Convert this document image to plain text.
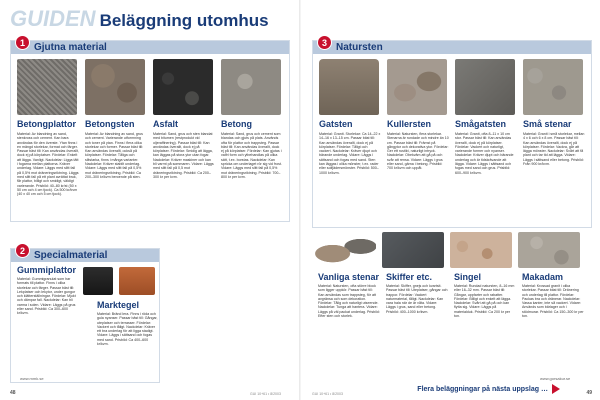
GUIDEN Beläggning utomhus
1 Gjutna material
Betongplattor Betongsten Asfalt	Betong
Material: Av blandning av sand, stenkross och cement. Kan bara användas för den överste. Ytan finns i en mängd storlekar, format och färger. Passar bäst till: Kan användas överallt, dock ej på körplatser. Fördelar: Enkelt att lägga. Vanligt. Nackdelar: Ligga tätt i fogarna mellan plattorna. Kräver underlag. Vidare: Läggs med slitt fall på 0,5% mot dräneringsriktning. Läggs med slitt fall på ett plant avrättat bruk, får plattor, billigt och smidigt, väldigt varierande. Prisbild: 40–80 kr/st (50 x 50 cm och 4 cm tjock). Ca 500 kr/kvm (40 x 40 cm och 5 cm tjock).
Material: Av blandning av sand, grus och cement. Varierande utformning och toner på ytan. Finns i flera olika storlekar och former. Passar bäst till: Kan användas överallt, också på körplatser. Fördelar: Tåliga och slitstarka, finns i många varianter. Nackdelar: Kräver stabilt underlag. Vidare: Läggs med slitt fall på 0,5% mot dräneringsriktning. Prisbild: Ca 200–300 kr/kvm beroende på sten.
Material: Sand, grus och sten blandat med bitumen (restprodukt vid oljeraffinering). Passar bäst till: Kan användas överallt, dock ej på körplatser. Fördelar: Smidig att lägga, kan läggas på stora ytor utan fogar. Nackdelar: Kräver maskiner och kan bli varmt på sommaren. Vidare: Läggs med slitt fall på 0,5 mot dräneringsriktning. Prisbild: Ca 200–300 kr per kvm.
Material: Sand, grus och cement som blandas och gjuts på plats. Används ofta för plattor och trappsteg. Passar bäst till: Kan användas överallt, dock ej på körplatser. Fördelar: Kan gjutas i valfri form och ytbehandlas på olika sätt, t.ex. borstas. Nackdelar: Kan spricka om underlaget rör sig vid frost. Vidare: Läggs med slitt fall på 0,5% mot dräneringsriktning. Prisbild: 700–800 kr per kvm.
2 Specialmaterial
Gummiplattor
Material: Gummigranulat som har formats till plattor. Finns i olika storlekar och färger. Passar bäst till: Lekplatser och lekytor, under gungor och klätterställningar. Fördelar: Mjukt och dämpar fall. Nackdelar: Kan bli varma i solen. Vidare: Läggs på grus eller sand. Prisbild: Ca 300–600 kr/kvm.
Marktegel
Material: Bränd lera. Finns i röda och gula nyanser. Passar bäst till: Gångar, uteplatser och terrasser. Fördelar: Vackert och tåligt. Nackdelar: Kräver ett bra underlag för att ligga stadigt. Vidare: Läggs i sättsand och fogas med sand. Prisbild: Ca 400–600 kr/kvm.
www.mmk.se
48	GUI 10+61 • 8/2003
3 Natursten
Gatsten	Kullersten	Smågatsten Små stenar
Material: Granit. Storlekar: Ca 14–22 x 14–16 x 13–15 cm. Passar bäst till: Kan användas överallt, dock ej på körplatser. Fördelar: Tåligt och vackert. Nackdelar: Kräver djupt och bärande underlag. Vidare: Läggs i sättsand och fogas med sand. Sten kan läggas i olika mönster, t.ex. rader eller solfjädersmönster. Prisbild: 500–1000 kr/kvm.
Material: Natursten, flera storlekar. Stenarna är rundade och mindre än 10 cm. Passar bäst till: Främst på gångytor och dekorativa ytor. Fördelar: Ger ett rustikt, naturligt intryck. Nackdelar: Obekväm att gå på och svår att rensa. Vidare: Läggs i grus eller sand, gärna i betong. Prisbild: 700 kr/kvm och uppåt.
Material: Granit, ofta 8–11 x 10 cm stor. Passar bäst till: Kan användas överallt, dock ej på körplatser. Fördelar: Vackert och naturligt, varierande former och nyanser. Nackdelar: Kräver djupt och bärande underlag och är tidskrävande att lägga. Vidare: Läggs i sättsand och fogas med sand och grus. Prisbild: 600–900 kr/kvm.
Material: Granit i små storlekar, mellan 4 x 6 och 6 x 8 cm. Passar bäst till: Kan användas överallt, dock ej på körplatser. Fördelar: Vackra, går att lägga mönster. Nackdelar: Svårt att få plant och tar tid att lägga. Vidare: Läggs i sättsand eller betong. Prisbild: Från 900 kr/kvm.
Vanliga stenar Skiffer etc. Singel	Makadam
Material: Natursten, ofta större block som ligger uppkör. Passar bäst till: Kan användas som trappsteg, för att avgränsa och som dekoration. Fördelar: Tålig och naturligt utseende. Nackdelar: Tunga att hantera. Vidare: Läggs på väl packat underlag. Prisbild: Efter sten och storlek.
Material: Skiffer, gnejs och kvartsit. Passar bäst till: Uteplatser, gångar och trappor. Fördelar: Vackert naturmaterial, tåligt. Nackdelar: Kan vara hala när de är våta. Vidare: Läggs i grus, sand eller betong. Prisbild: 400–1000 kr/kvm.
Material: Rundad natursten, 8–16 mm eller 16–32 mm. Passar bäst till: Gångar, uppfarter och rabatter. Fördelar: Billigt och enkelt att lägga. Nackdelar: Svårt att gå på och kan flytta sig. Vidare: Läggs på materialduk. Prisbild: Ca 200 kr per ton.
Material: Krossad granit i olika storlekar. Passar bäst till: Dränering och underlag till plattor. Fördelar: Packas bra och dränerar. Nackdelar: Vassa kanter, inte så vackert. Vidare: Används som bärlager och i stödmurar. Prisbild: Ca 150–300 kr per ton.
Flera beläggningar på nästa uppslag …
www.gorsakur.se
49
GUI 10+61 • 8/2003
